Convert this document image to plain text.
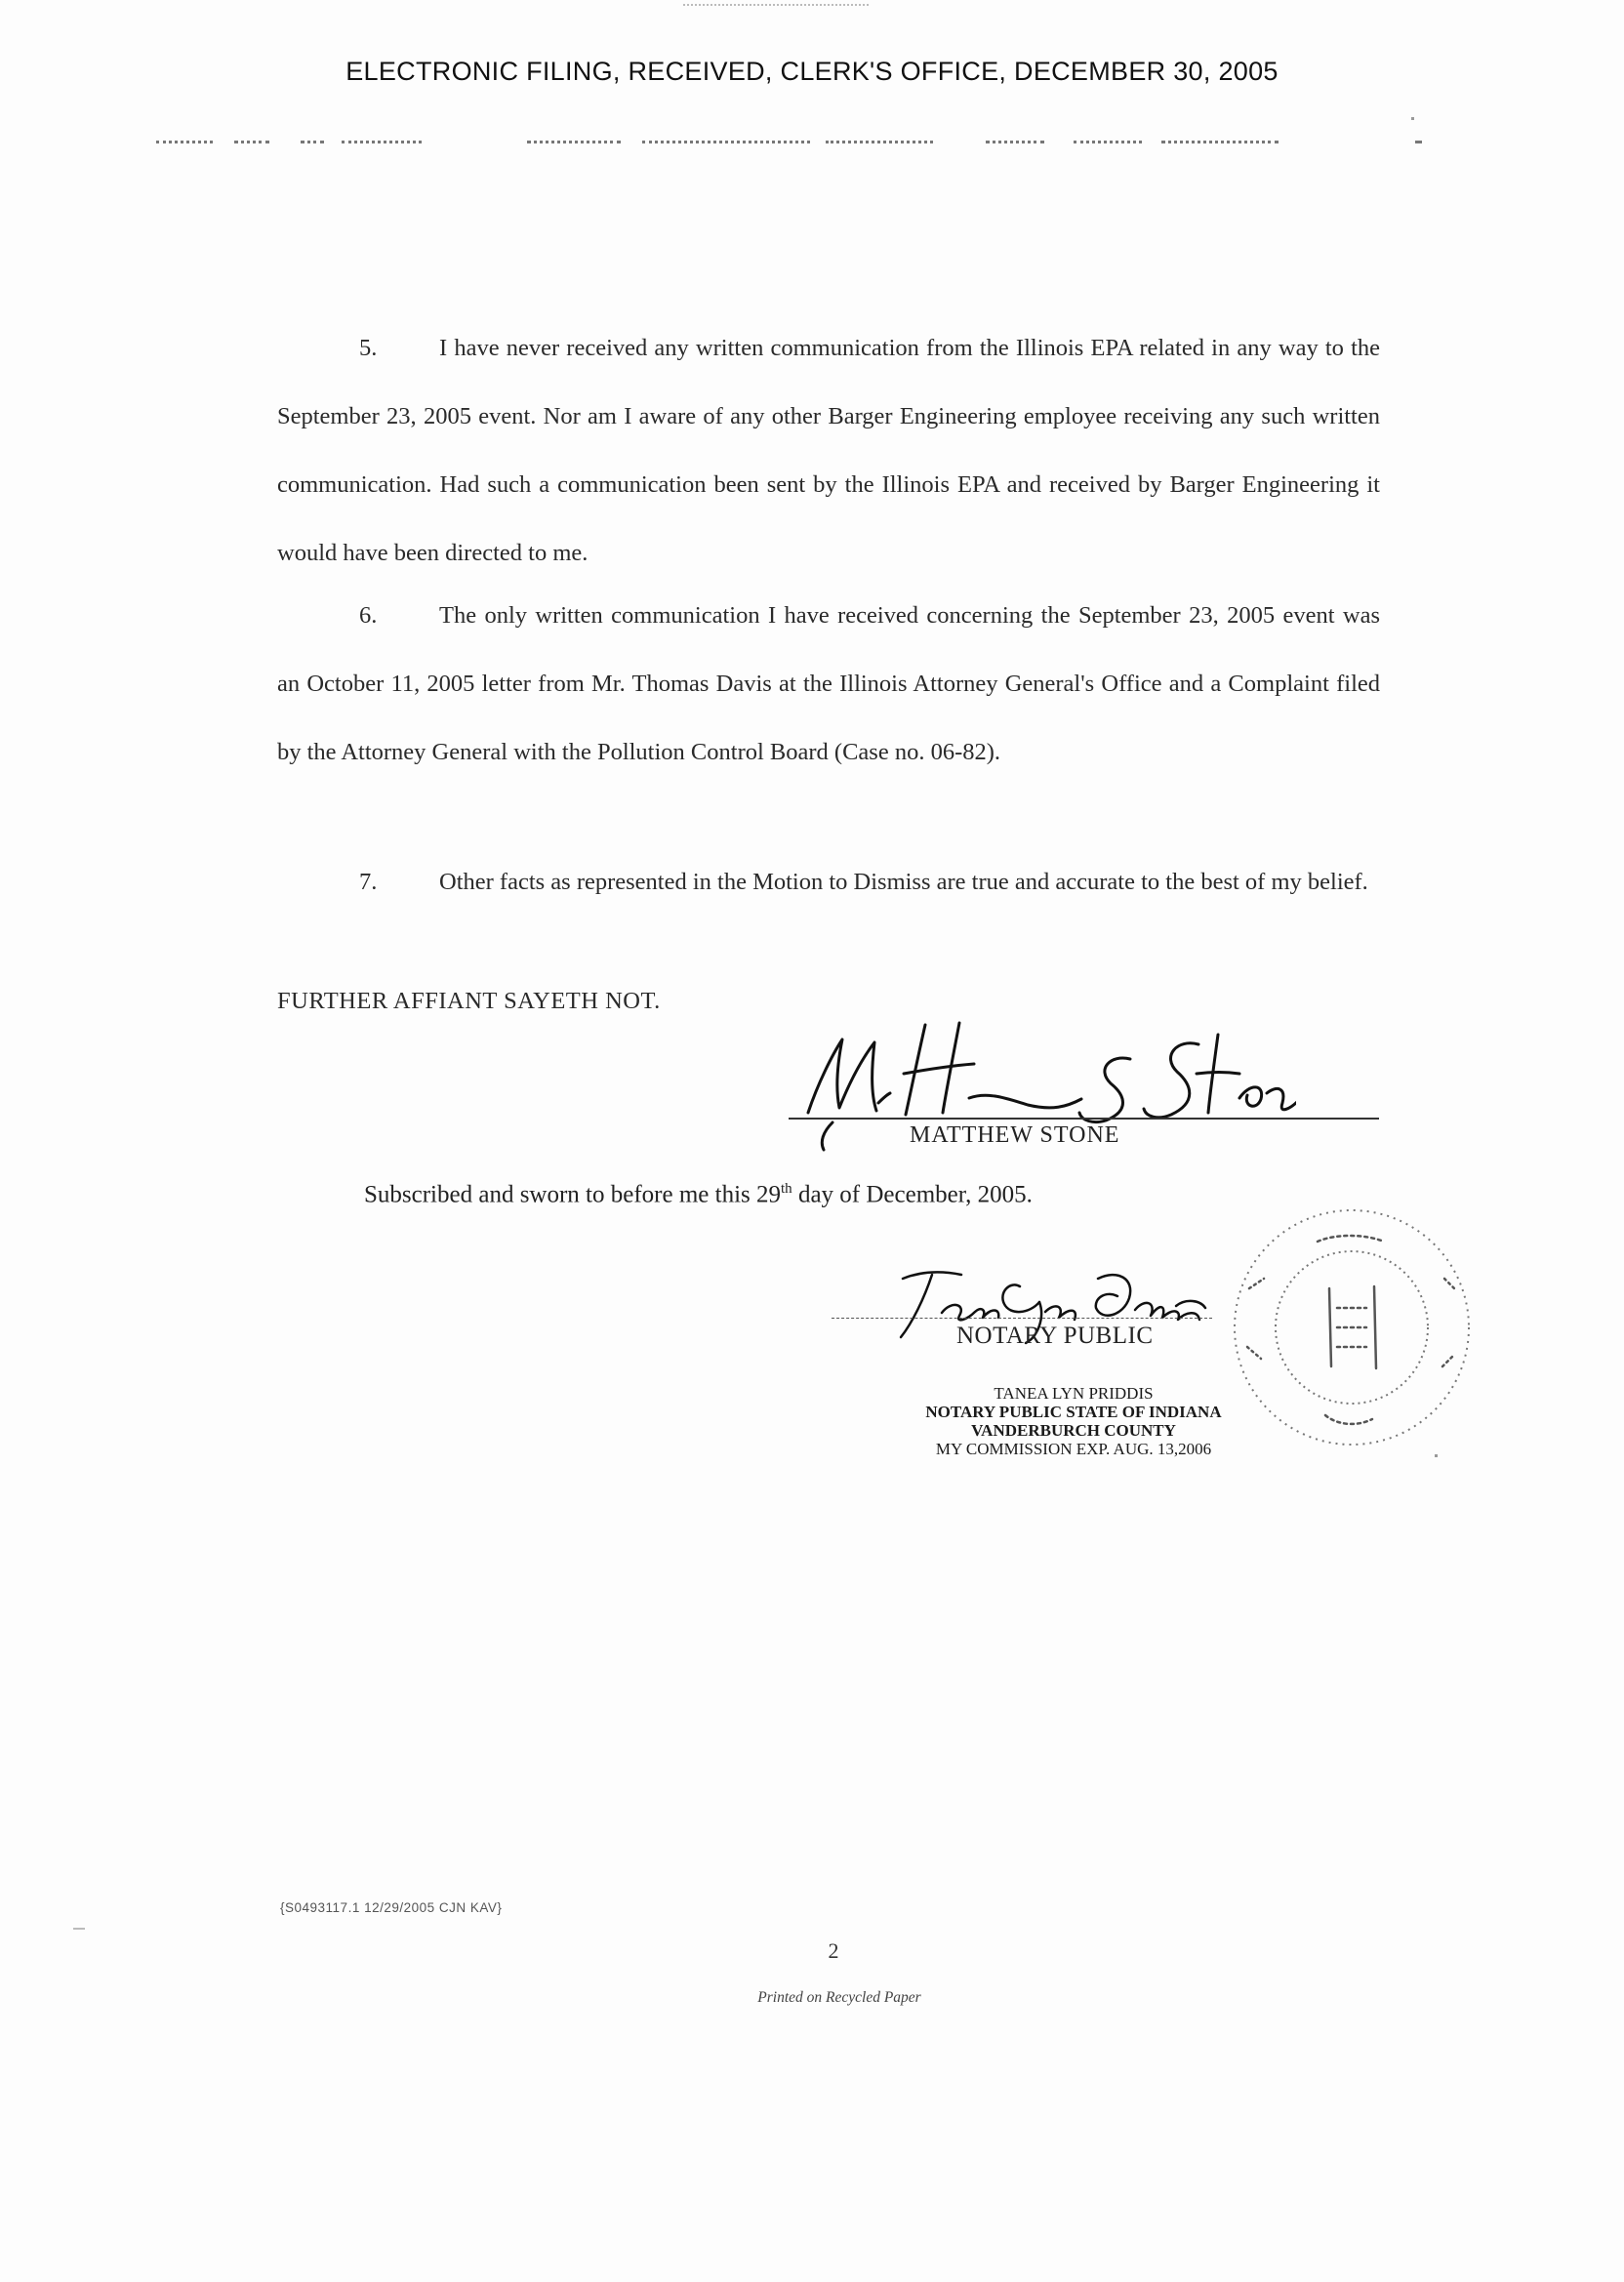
ELECTRONIC FILING, RECEIVED, CLERK'S OFFICE, DECEMBER 30, 2005
5.	I have never received any written communication from the Illinois EPA related in any way to the September 23, 2005 event. Nor am I aware of any other Barger Engineering employee receiving any such written communication. Had such a communication been sent by the Illinois EPA and received by Barger Engineering it would have been directed to me.
6.	The only written communication I have received concerning the September 23, 2005 event was an October 11, 2005 letter from Mr. Thomas Davis at the Illinois Attorney General's Office and a Complaint filed by the Attorney General with the Pollution Control Board (Case no. 06-82).
7.	Other facts as represented in the Motion to Dismiss are true and accurate to the best of my belief.
FURTHER AFFIANT SAYETH NOT.
MATTHEW STONE
Subscribed and sworn to before me this 29th day of December, 2005.
NOTARY PUBLIC
TANEA LYN PRIDDIS
NOTARY PUBLIC STATE OF INDIANA
VANDERBURCH COUNTY
MY COMMISSION EXP. AUG. 13,2006
{S0493117.1 12/29/2005 CJN KAV}
2
Printed on Recycled Paper
